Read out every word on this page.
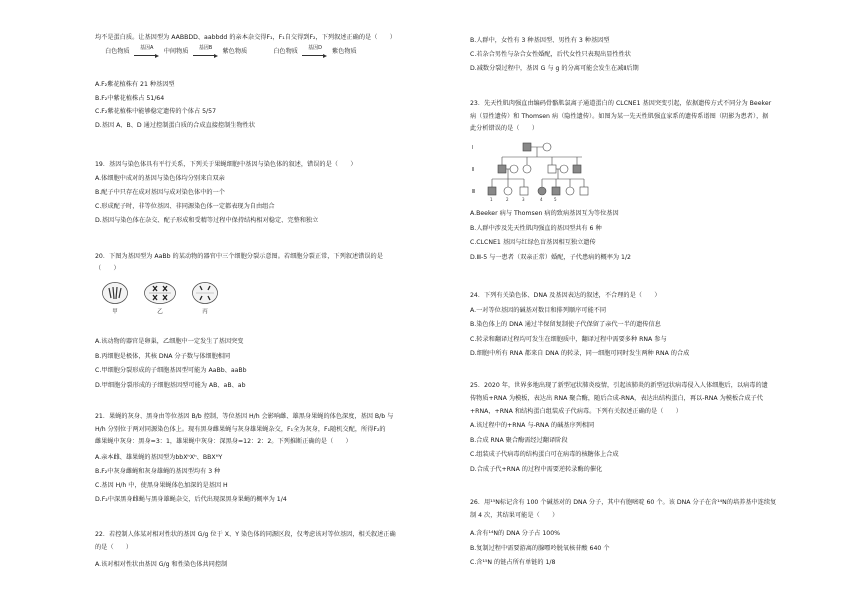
均不是蛋白质。让基因型为 AABBDD、aabbdd 的亲本杂交得F₁，F₁自交得到F₂，下列叙述正确的是（　　）
白色物质	基因A	中间物质	基因B	紫色物质	白色物质	基因D	紫色物质
A.F₂紫花植株有 21 种基因型
B.F₂中紫花植株占 51/64
C.F₂紫花植株中能够稳定遗传的个体占 5/57
D.基因 A、B、D 通过控制蛋白质的合成直接控制生物性状
19．基因与染色体具有平行关系，下列关于果蝇细胞中基因与染色体的叙述，错误的是（　　）
A.体细胞中成对的基因与染色体均分别来自双亲
B.配子中只存在成对基因与成对染色体中的一个
C.形成配子时，非等位基因、非同源染色体一定都表现为自由组合
D.基因与染色体在杂交、配子形成和受精等过程中保持结构相对稳定、完整和独立
20．下图为基因型为 AaBb 的某动物的器官中三个细胞分裂示意图。若细胞分裂正常，下列叙述错误的是
（　　）
甲	乙	丙
A.该动物的器官是卵巢，乙细胞中一定发生了基因突变
B.丙细胞是极体，其核 DNA 分子数与体细胞相同
C.甲细胞分裂形成的子细胞基因型可能为 AaBb、aaBb
D.甲细胞分裂形成的子细胞基因型可能为 AB、aB、ab
21．果蝇的灰身、黑身由等位基因 B/b 控制，等位基因 H/h 会影响雌、雄黑身果蝇的体色深度，基因 B/b 与
H/h 分别位于两对同源染色体上。现有黑身雌果蝇与灰身雄果蝇杂交，F₁全为灰身，F₁随机交配，所得F₂的
雌果蝇中灰身：黑身=3：1，雄果蝇中灰身：深黑身=12：2：2。下列推断正确的是（　　）
A.亲本雌、雄果蝇的基因型为bbXʰXʰ、BBXᴴY
B.F₂中灰身雌蝇和灰身雄蝇的基因型均有 3 种
C.基因 H/h 中，使黑身果蝇体色加深的是基因 H
D.F₂中深黑身雌蝇与黑身雄蝇杂交，后代出现深黑身果蝇的概率为 1/4
22．若控制人体某对相对性状的基因 G/g 位于 X、Y 染色体的同源区段，仅考虑该对等位基因，相关叙述正确
的是（　　）
A.该对相对性状由基因 G/g 和性染色体共同控制
B.人群中，女性有 3 种基因型、男性有 3 种基因型
C.若杂合男性与杂合女性婚配，后代女性只表现出显性性状
D.减数分裂过程中，基因 G 与 g 的分离可能会发生在减Ⅱ后期
23．先天性肌肉强直由编码骨骼肌氯离子通道蛋白的 CLCNE1 基因突变引起，依据遗传方式不同分为 Beeker
病（显性遗传）和 Thomsen 病（隐性遗传）。如图为某一先天性肌强直家系的遗传系谱图（阴影为患者），据
此分析错误的是（　　）
Ⅰ
Ⅱ
Ⅲ
1	2	3	4	5
A.Beeker 病与 Thomsen 病的致病基因互为等位基因
B.人群中涉及先天性肌肉强直的基因型共有 6 种
C.CLCNE1 基因与红绿色盲基因相互独立遗传
D.Ⅲ-5 与一患者（双亲正常）婚配，子代患病的概率为 1/2
24．下列有关染色体、DNA 及基因表达的叙述，不合理的是（　　）
A.一对等位基因的碱基对数目和排列顺序可能不同
B.染色体上的 DNA 通过半保留复制使子代保留了亲代一半的遗传信息
C.转录和翻译过程均可发生在细胞质中，翻译过程中需要多种 RNA 参与
D.细胞中所有 RNA 都来自 DNA 的转录，同一细胞可同时发生两种 RNA 的合成
25．2020 年，世界多地出现了新型冠状肺炎疫情，引起该肺炎的新型冠状病毒侵入人体细胞后，以病毒的遗
传物质+RNA 为模板，表达出 RNA 聚合酶，随后合成-RNA，表达出结构蛋白，再以-RNA 为模板合成子代
+RNA，+RNA 和结构蛋白组装成子代病毒。下列有关叙述正确的是（　　）
A.该过程中的+RNA 与-RNA 的碱基序列相同
B.合成 RNA 聚合酶需经过翻译阶段
C.组装成子代病毒的结构蛋白可在病毒的核糖体上合成
D.合成子代+RNA 的过程中需要逆转录酶的催化
26．用¹⁵N标记含有 100 个碱基对的 DNA 分子，其中有胞嘧啶 60 个。该 DNA 分子在含¹⁴N的培养基中连续复
制 4 次，其结果可能是（　　）
A.含有¹⁴N的 DNA 分子占 100%
B.复制过程中需要游离的腺嘌呤脱氧核苷酸 640 个
C.含¹⁵N 的链占所有单链的 1/8
